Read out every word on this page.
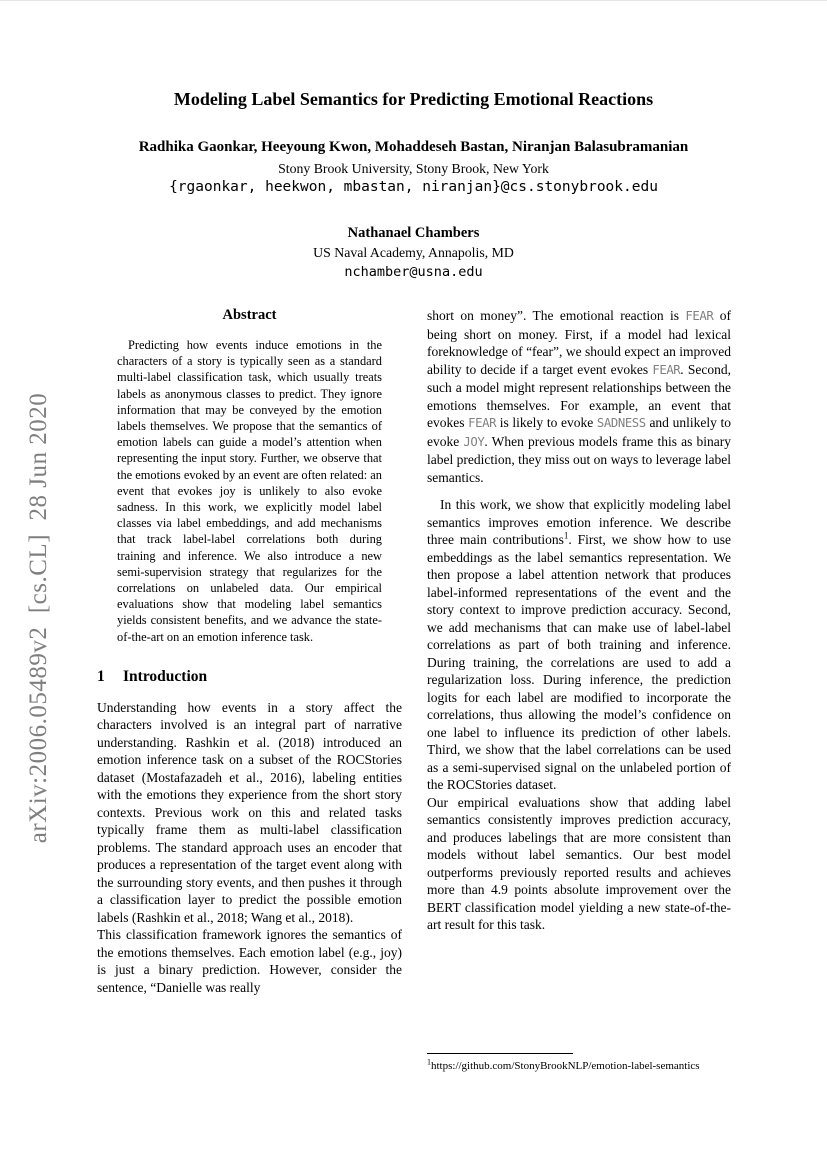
arXiv:2006.05489v2  [cs.CL]  28 Jun 2020
Modeling Label Semantics for Predicting Emotional Reactions
Radhika Gaonkar, Heeyoung Kwon, Mohaddeseh Bastan, Niranjan Balasubramanian
Stony Brook University, Stony Brook, New York
{rgaonkar, heekwon, mbastan, niranjan}@cs.stonybrook.edu
Nathanael Chambers
US Naval Academy, Annapolis, MD
nchamber@usna.edu
Abstract
Predicting how events induce emotions in the characters of a story is typically seen as a standard multi-label classification task, which usually treats labels as anonymous classes to predict. They ignore information that may be conveyed by the emotion labels themselves. We propose that the semantics of emotion labels can guide a model’s attention when representing the input story. Further, we observe that the emotions evoked by an event are often related: an event that evokes joy is unlikely to also evoke sadness. In this work, we explicitly model label classes via label embeddings, and add mechanisms that track label-label correlations both during training and inference. We also introduce a new semi-supervision strategy that regularizes for the correlations on unlabeled data. Our empirical evaluations show that modeling label semantics yields consistent benefits, and we advance the state-of-the-art on an emotion inference task.
1 Introduction

Understanding how events in a story affect the characters involved is an integral part of narrative understanding. Rashkin et al. (2018) introduced an emotion inference task on a subset of the ROCStories dataset (Mostafazadeh et al., 2016), labeling entities with the emotions they experience from the short story contexts. Previous work on this and related tasks typically frame them as multi-label classification problems. The standard approach uses an encoder that produces a representation of the target event along with the surrounding story events, and then pushes it through a classification layer to predict the possible emotion labels (Rashkin et al., 2018; Wang et al., 2018).

This classification framework ignores the semantics of the emotions themselves. Each emotion label (e.g., joy) is just a binary prediction. However, consider the sentence, “Danielle was really

short on money”. The emotional reaction is FEAR of being short on money. First, if a model had lexical foreknowledge of “fear”, we should expect an improved ability to decide if a target event evokes FEAR. Second, such a model might represent relationships between the emotions themselves. For example, an event that evokes FEAR is likely to evoke SADNESS and unlikely to evoke JOY. When previous models frame this as binary label prediction, they miss out on ways to leverage label semantics.

In this work, we show that explicitly modeling label semantics improves emotion inference. We describe three main contributions$^1$. First, we show how to use embeddings as the label semantics representation. We then propose a label attention network that produces label-informed representations of the event and the story context to improve prediction accuracy. Second, we add mechanisms that can make use of label-label correlations as part of both training and inference. During training, the correlations are used to add a regularization loss. During inference, the prediction logits for each label are modified to incorporate the correlations, thus allowing the model’s confidence on one label to influence its prediction of other labels. Third, we show that the label correlations can be used as a semi-supervised signal on the unlabeled portion of the ROCStories dataset.

Our empirical evaluations show that adding label semantics consistently improves prediction accuracy, and produces labelings that are more consistent than models without label semantics. Our best model outperforms previously reported results and achieves more than 4.9 points absolute improvement over the BERT classification model yielding a new state-of-the-art result for this task.

$^1$https://github.com/StonyBrookNLP/emotion-label-semantics
